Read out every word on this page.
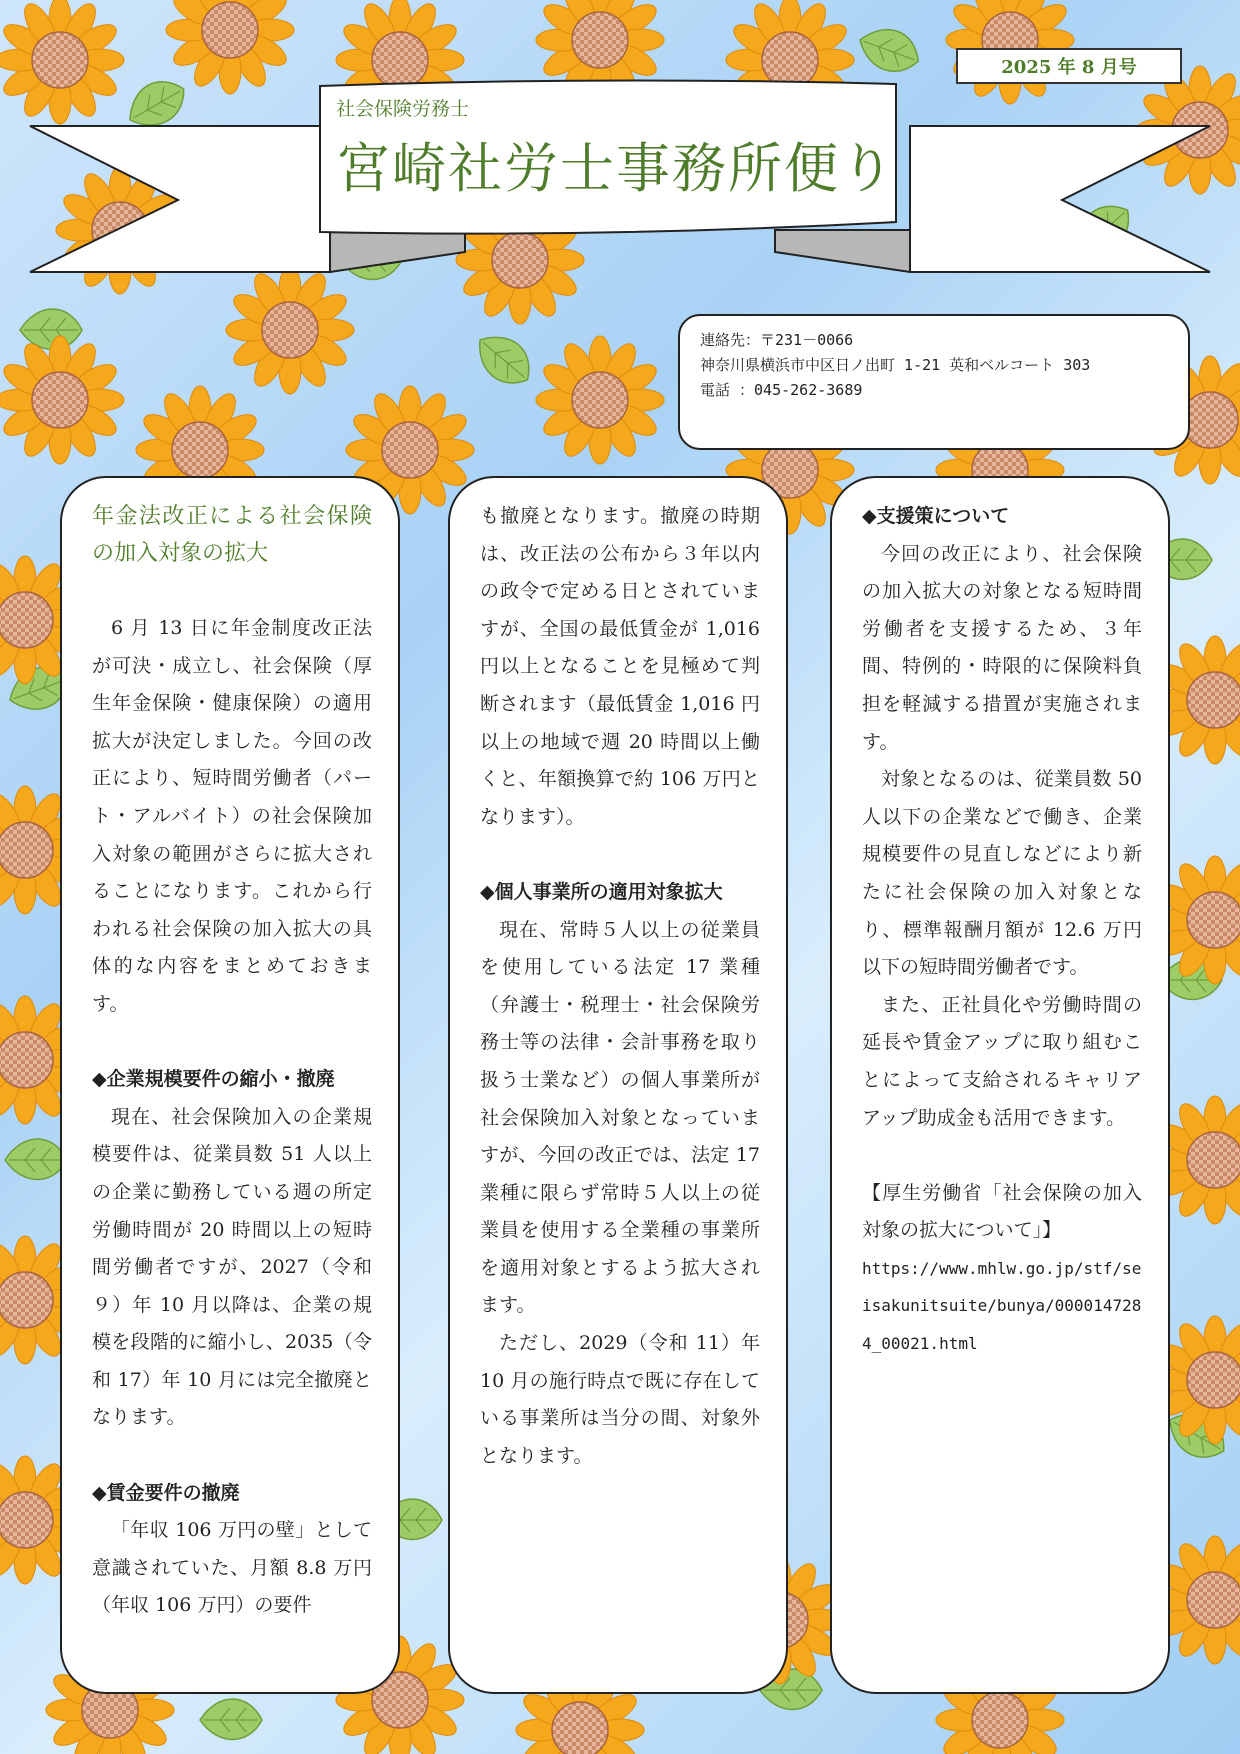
社会保険労務士
宮崎社労士事務所便り
2025 年 8 月号
連絡先：〒231－0066
神奈川県横浜市中区日ノ出町 1-21 英和ベルコート 303
電話 ：045-262-3689

年金法改正による社会保険の加入対象の拡大

6 月 13 日に年金制度改正法が可決・成立し、社会保険（厚生年金保険・健康保険）の適用拡大が決定しました。今回の改正により、短時間労働者（パート・アルバイト）の社会保険加入対象の範囲がさらに拡大されることになります。これから行われる社会保険の加入拡大の具体的な内容をまとめておきます。

◆企業規模要件の縮小・撤廃

現在、社会保険加入の企業規模要件は、従業員数 51 人以上の企業に勤務している週の所定労働時間が 20 時間以上の短時間労働者ですが、2027（令和９）年 10 月以降は、企業の規模を段階的に縮小し、2035（令和 17）年 10 月には完全撤廃となります。

◆賃金要件の撤廃

「年収 106 万円の壁」として意識されていた、月額 8.8 万円（年収 106 万円）の要件

も撤廃となります。撤廃の時期は、改正法の公布から３年以内の政令で定める日とされていますが、全国の最低賃金が 1,016 円以上となることを見極めて判断されます（最低賃金 1,016 円以上の地域で週 20 時間以上働くと、年額換算で約 106 万円となります）。

◆個人事業所の適用対象拡大

現在、常時５人以上の従業員を使用している法定 17 業種（弁護士・税理士・社会保険労務士等の法律・会計事務を取り扱う士業など）の個人事業所が社会保険加入対象となっていますが、今回の改正では、法定 17 業種に限らず常時５人以上の従業員を使用する全業種の事業所を適用対象とするよう拡大されます。

ただし、2029（令和 11）年 10 月の施行時点で既に存在している事業所は当分の間、対象外となります。

◆支援策について

今回の改正により、社会保険の加入拡大の対象となる短時間労働者を支援するため、３年間、特例的・時限的に保険料負担を軽減する措置が実施されます。

対象となるのは、従業員数 50 人以下の企業などで働き、企業規模要件の見直しなどにより新たに社会保険の加入対象となり、標準報酬月額が 12.6 万円以下の短時間労働者です。

また、正社員化や労働時間の延長や賃金アップに取り組むことによって支給されるキャリアアップ助成金も活用できます。

【厚生労働省「社会保険の加入対象の拡大について」】

https://www.mhlw.go.jp/stf/seisakunitsuite/bunya/0000147284_00021.html
